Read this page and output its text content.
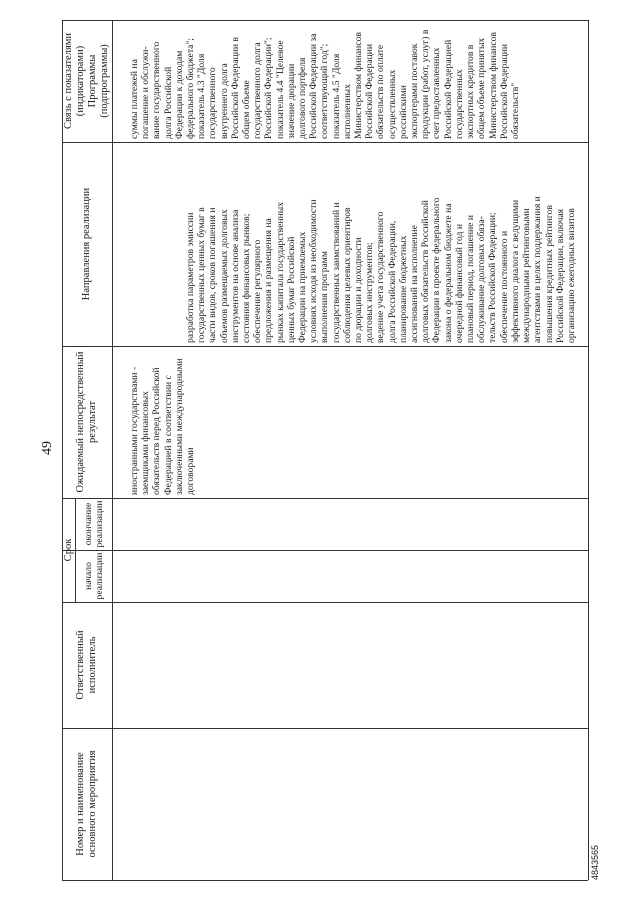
49
4843565
Связь с показателями (индикаторами) Программы (подпрограммы)
Направления реализации
Ожидаемый непосредственный результат
Срок
окончание реализации
начало реализации
Ответственный исполнитель
Номер и наименование основного мероприятия
суммы платежей на
погашение и обслужи-
вание государственного
долга Российской
Федерации к доходам
федерального бюджета";
показатель 4.3 "Доля
государственного
внутреннего долга
Российской Федерации в
общем объеме
государственного долга
Российской Федерации";
показатель 4.4 "Целевое
значение дюрации
долгового портфеля
Российской Федерации за
соответствующий год";
показатель 4.5 "Доля
исполненных
Министерством финансов
Российской Федерации
обязательств по оплате
осуществленных
российскими
экспортерами поставок
продукции (работ, услуг) в
счет предоставленных
Российской Федерацией
государственных
экспортных кредитов в
общем объеме принятых
Министерством финансов
Российской Федерации
обязательств"
разработка параметров эмиссии
государственных ценных бумаг в
части видов, сроков погашения и
объемов размещаемых долговых
инструментов на основе анализа
состояния финансовых рынков;
обеспечение регулярного
предложения и размещения на
рынках капитала государственных
ценных бумаг Российской
Федерации на приемлемых
условиях исходя из необходимости
выполнения программ
государственных заимствований и
соблюдения целевых ориентиров
по дюрации и доходности
долговых инструментов;
ведение учета государственного
долга Российской Федерации,
планирование бюджетных
ассигнований на исполнение
долговых обязательств Российской
Федерации в проекте федерального
закона о федеральном бюджете на
очередной финансовый год и
плановый период, погашение и
обслуживание долговых обяза-
тельств Российской Федерации;
обеспечение постоянного и
эффективного диалога с ведущими
международными рейтинговыми
агентствами в целях поддержания и
повышения кредитных рейтингов
Российской Федерации, включая
организацию ежегодных визитов
иностранными государствами -
заемщиками финансовых
обязательств перед Российской
Федерацией в соответствии с
заключенными международными
договорами
